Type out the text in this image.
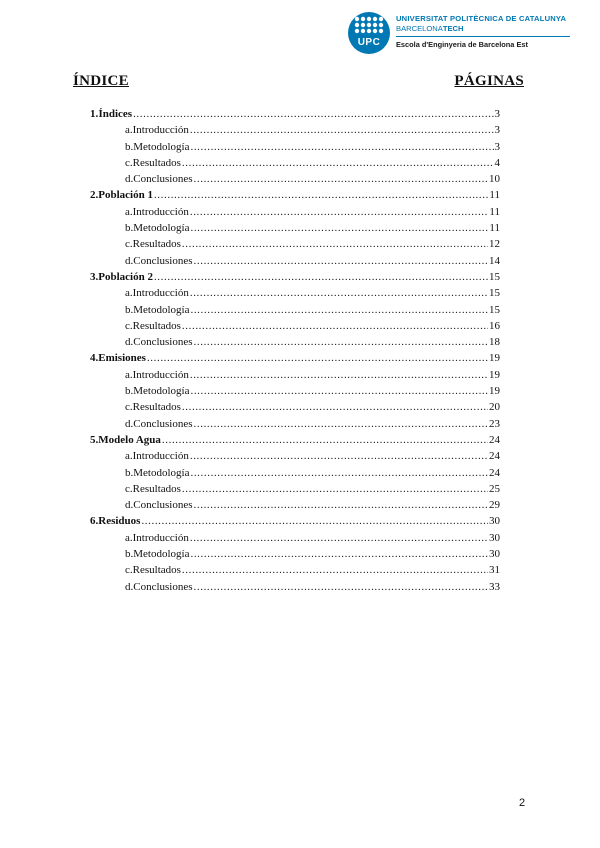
UPC
UNIVERSITAT POLITÈCNICA DE CATALUNYA
BARCELONATECH
Escola d'Enginyeria de Barcelona Est
ÍNDICE	PÁGINAS
1. Índices .....	3
a. Introducción .....	3
b. Metodología .....	3
c. Resultados .....	4
d. Conclusiones .....	10
2. Población 1 .....	11
a. Introducción .....	11
b. Metodología .....	11
c. Resultados .....	12
d. Conclusiones .....	14
3. Población 2 .....	15
a. Introducción .....	15
b. Metodología .....	15
c. Resultados .....	16
d. Conclusiones .....	18
4. Emisiones .....	19
a. Introducción .....	19
b. Metodología .....	19
c. Resultados .....	20
d. Conclusiones .....	23
5. Modelo Agua .....	24
a. Introducción .....	24
b. Metodología .....	24
c. Resultados .....	25
d. Conclusiones .....	29
6. Residuos .....	30
a. Introducción .....	30
b. Metodología .....	30
c. Resultados .....	31
d. Conclusiones .....	33
2
